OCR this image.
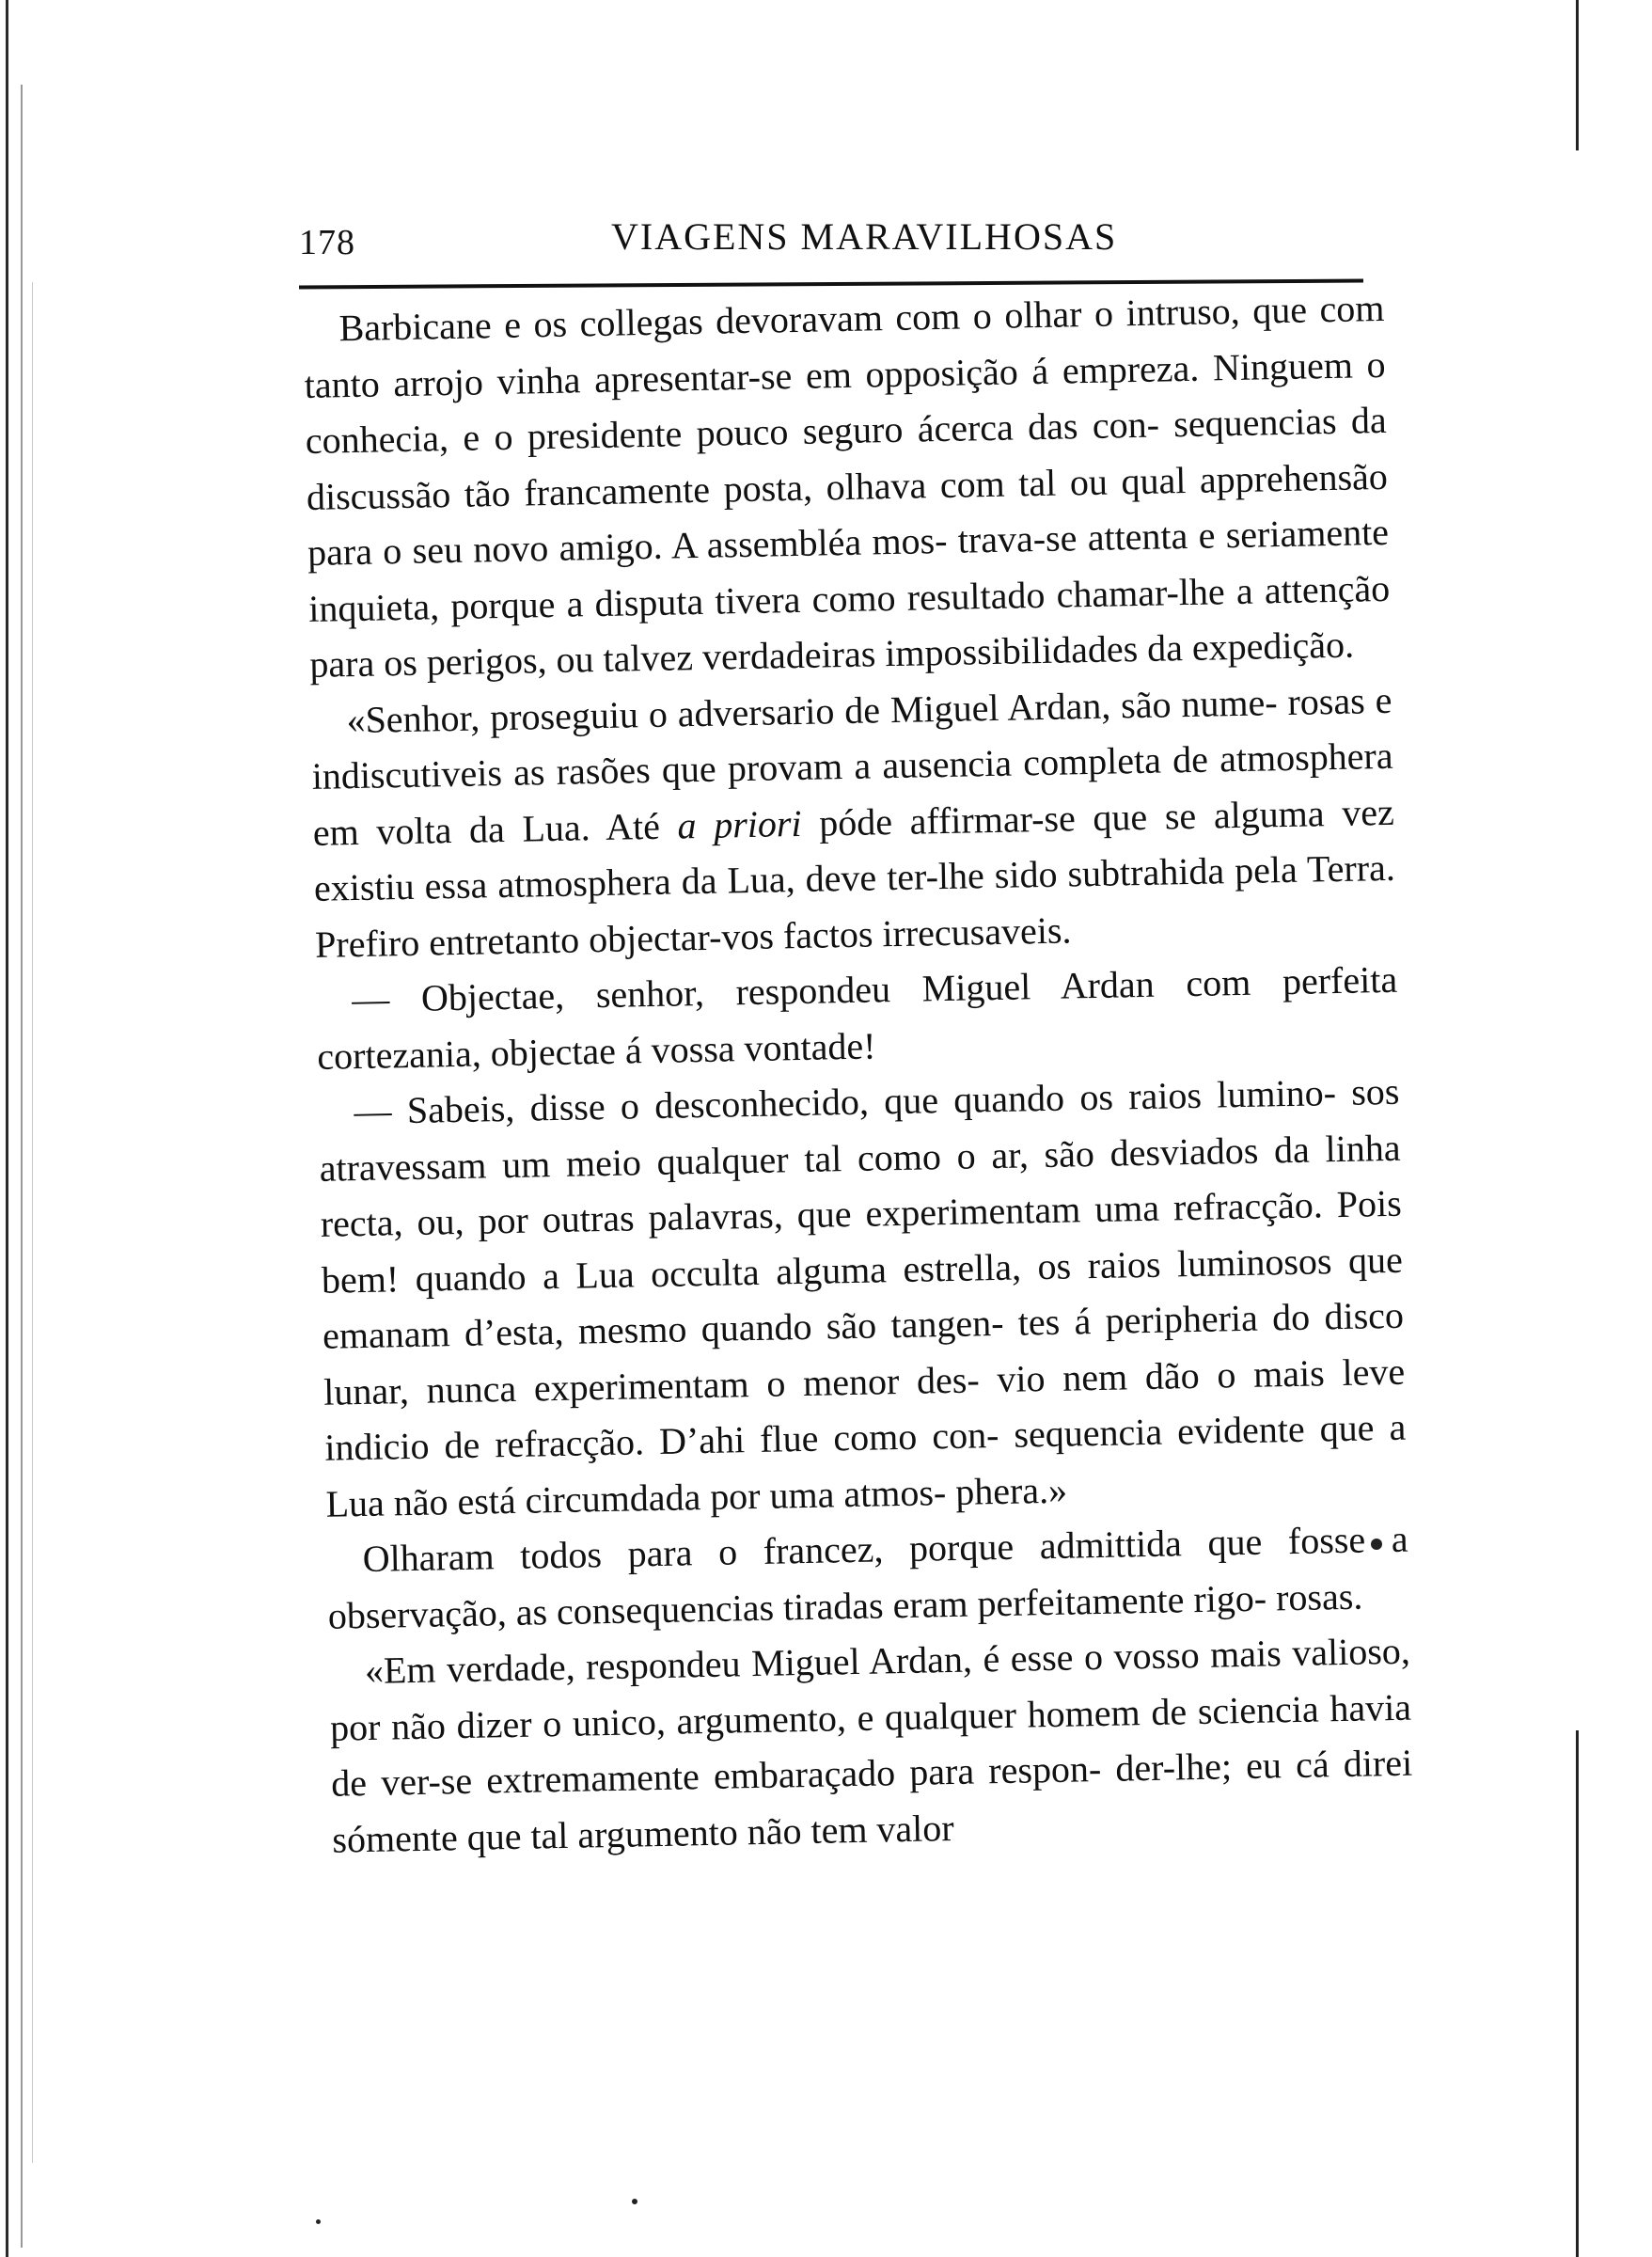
178	VIAGENS MARAVILHOSAS

Barbicane e os collegas devoravam com o olhar o intruso, que com tanto arrojo vinha apresentar-se em opposição á empreza. Ninguem o conhecia, e o presidente pouco seguro ácerca das con- sequencias da discussão tão francamente posta, olhava com tal ou qual apprehensão para o seu novo amigo. A assembléa mos- trava-se attenta e seriamente inquieta, porque a disputa tivera como resultado chamar-lhe a attenção para os perigos, ou talvez verdadeiras impossibilidades da expedição.

«Senhor, proseguiu o adversario de Miguel Ardan, são nume- rosas e indiscutiveis as rasões que provam a ausencia completa de atmosphera em volta da Lua. Até a priori póde affirmar-se que se alguma vez existiu essa atmosphera da Lua, deve ter-lhe sido subtrahida pela Terra. Prefiro entretanto objectar-vos factos irrecusaveis.

— Objectae, senhor, respondeu Miguel Ardan com perfeita cortezania, objectae á vossa vontade!

— Sabeis, disse o desconhecido, que quando os raios lumino- sos atravessam um meio qualquer tal como o ar, são desviados da linha recta, ou, por outras palavras, que experimentam uma refracção. Pois bem! quando a Lua occulta alguma estrella, os raios luminosos que emanam d’esta, mesmo quando são tangen- tes á peripheria do disco lunar, nunca experimentam o menor des- vio nem dão o mais leve indicio de refracção. D’ahi flue como con- sequencia evidente que a Lua não está circumdada por uma atmos- phera.»

Olharam todos para o francez, porque admittida que fosse a observação, as consequencias tiradas eram perfeitamente rigo- rosas.

«Em verdade, respondeu Miguel Ardan, é esse o vosso mais valioso, por não dizer o unico, argumento, e qualquer homem de sciencia havia de ver-se extremamente embaraçado para respon- der-lhe; eu cá direi sómente que tal argumento não tem valor
